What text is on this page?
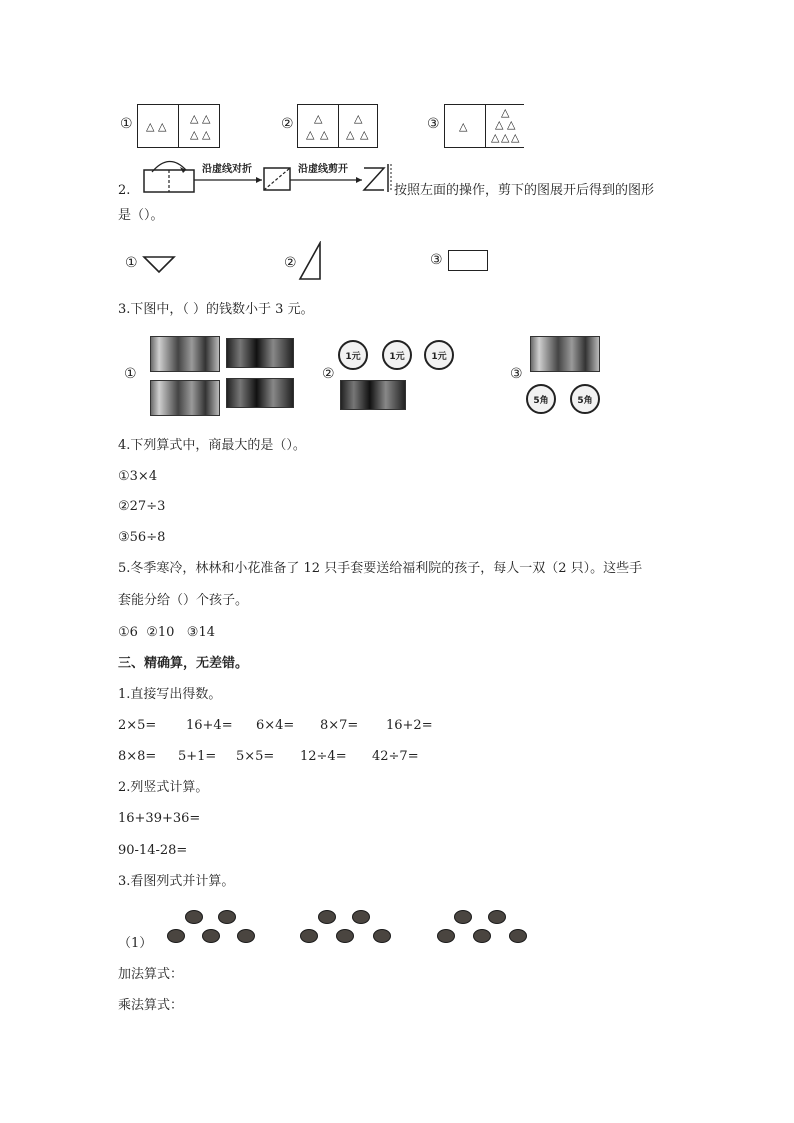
① △ △
△ △
△ △
② △
△ △
△
△ △
③ △
△
△ △
△ △ △
2.
沿虚线对折	沿虚线剪开
按照左面的操作，剪下的图展开后得到的图形
是（）。
①	②	③
3.下图中，（ ）的钱数小于 3 元。
①	②
1元	1元	1元
③
5角	5角
4.下列算式中，商最大的是（）。
①3×4
②27÷3
③56÷8
5.冬季寒冷，林林和小花准备了 12 只手套要送给福利院的孩子，每人一双（2 只）。这些手
套能分给（）个孩子。
①6  ②10   ③14
三、精确算，无差错。
1.直接写出得数。
2×5= 16+4= 6×4= 8×7= 16+2=
8×8= 5+1= 5×5= 12÷4= 42÷7=
2.列竖式计算。
16+39+36=
90-14-28=
3.看图列式并计算。
（1）
加法算式：
乘法算式：
